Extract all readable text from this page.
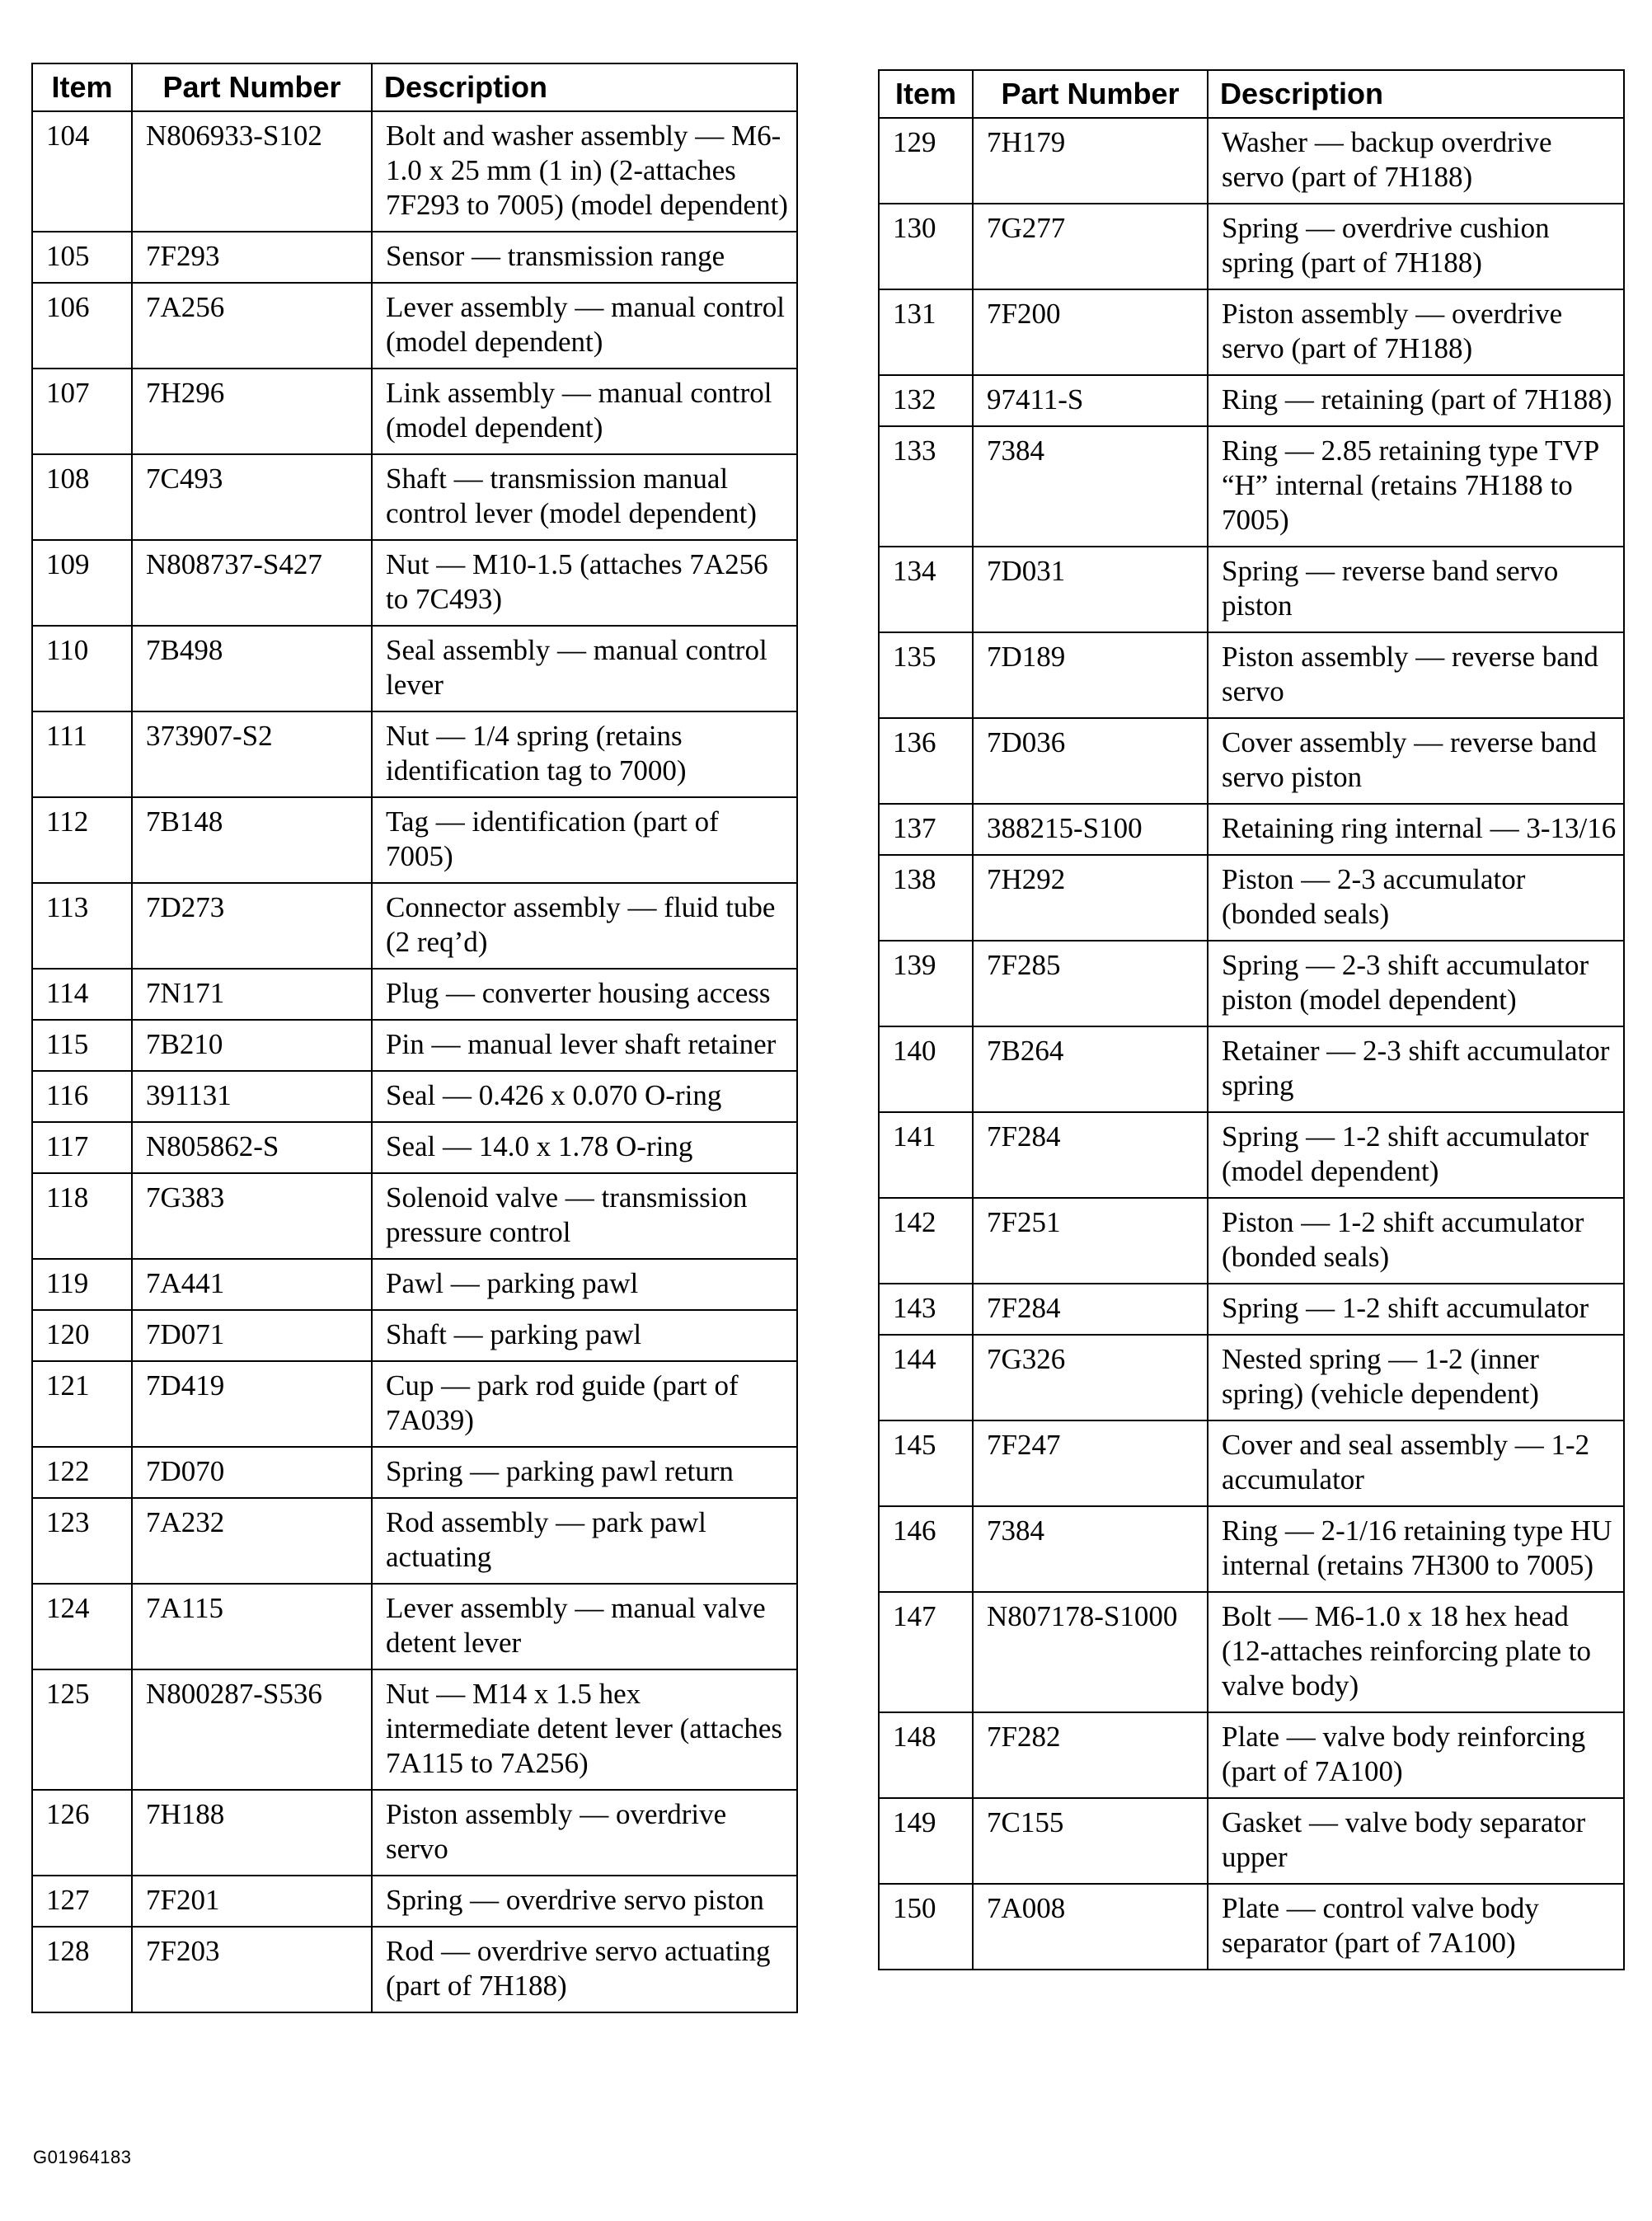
Item	Part Number	Description
104	N806933-S102	Bolt and washer assembly — M6-1.0 x 25 mm (1 in) (2-attaches 7F293 to 7005) (model dependent)
105	7F293	Sensor — transmission range
106	7A256	Lever assembly — manual control (model dependent)
107	7H296	Link assembly — manual control (model dependent)
108	7C493	Shaft — transmission manual control lever (model dependent)
109	N808737-S427	Nut — M10-1.5 (attaches 7A256 to 7C493)
110	7B498	Seal assembly — manual control lever
111	373907-S2	Nut — 1/4 spring (retains identification tag to 7000)
112	7B148	Tag — identification (part of 7005)
113	7D273	Connector assembly — fluid tube (2 req’d)
114	7N171	Plug — converter housing access
115	7B210	Pin — manual lever shaft retainer
116	391131	Seal — 0.426 x 0.070 O-ring
117	N805862-S	Seal — 14.0 x 1.78 O-ring
118	7G383	Solenoid valve — transmission pressure control
119	7A441	Pawl — parking pawl
120	7D071	Shaft — parking pawl
121	7D419	Cup — park rod guide (part of 7A039)
122	7D070	Spring — parking pawl return
123	7A232	Rod assembly — park pawl actuating
124	7A115	Lever assembly — manual valve detent lever
125	N800287-S536	Nut — M14 x 1.5 hex intermediate detent lever (attaches 7A115 to 7A256)
126	7H188	Piston assembly — overdrive servo
127	7F201	Spring — overdrive servo piston
128	7F203	Rod — overdrive servo actuating (part of 7H188)
Item	Part Number	Description
129	7H179	Washer — backup overdrive servo (part of 7H188)
130	7G277	Spring — overdrive cushion spring (part of 7H188)
131	7F200	Piston assembly — overdrive servo (part of 7H188)
132	97411-S	Ring — retaining (part of 7H188)
133	7384	Ring — 2.85 retaining type TVP “H” internal (retains 7H188 to 7005)
134	7D031	Spring — reverse band servo piston
135	7D189	Piston assembly — reverse band servo
136	7D036	Cover assembly — reverse band servo piston
137	388215-S100	Retaining ring internal — 3-13/16
138	7H292	Piston — 2-3 accumulator (bonded seals)
139	7F285	Spring — 2-3 shift accumulator piston (model dependent)
140	7B264	Retainer — 2-3 shift accumulator spring
141	7F284	Spring — 1-2 shift accumulator (model dependent)
142	7F251	Piston — 1-2 shift accumulator (bonded seals)
143	7F284	Spring — 1-2 shift accumulator
144	7G326	Nested spring — 1-2 (inner spring) (vehicle dependent)
145	7F247	Cover and seal assembly — 1-2 accumulator
146	7384	Ring — 2-1/16 retaining type HU internal (retains 7H300 to 7005)
147	N807178-S1000	Bolt — M6-1.0 x 18 hex head (12-attaches reinforcing plate to valve body)
148	7F282	Plate — valve body reinforcing (part of 7A100)
149	7C155	Gasket — valve body separator upper
150	7A008	Plate — control valve body separator (part of 7A100)
G01964183
